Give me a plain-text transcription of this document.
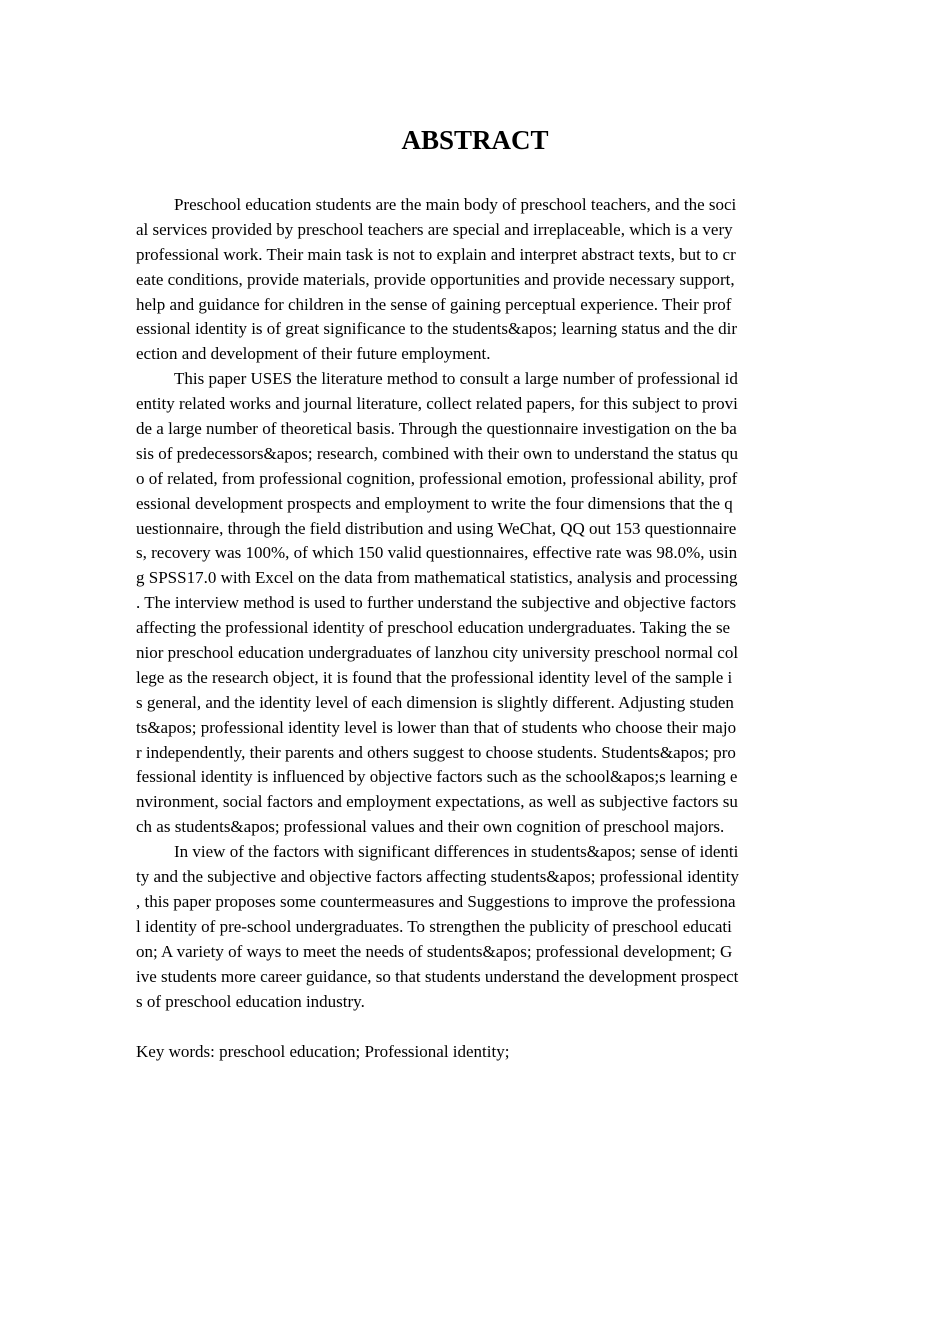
ABSTRACT
Preschool education students are the main body of preschool teachers, and the soci
al services provided by preschool teachers are special and irreplaceable, which is a very
professional work. Their main task is not to explain and interpret abstract texts, but to cr
eate conditions, provide materials, provide opportunities and provide necessary support,
help and guidance for children in the sense of gaining perceptual experience. Their prof
essional identity is of great significance to the students&apos; learning status and the dir
ection and development of their future employment.
This paper USES the literature method to consult a large number of professional id
entity related works and journal literature, collect related papers, for this subject to provi
de a large number of theoretical basis. Through the questionnaire investigation on the ba
sis of predecessors&apos; research, combined with their own to understand the status qu
o of related, from professional cognition, professional emotion, professional ability, prof
essional development prospects and employment to write the four dimensions that the q
uestionnaire, through the field distribution and using WeChat, QQ out 153 questionnaire
s, recovery was 100%, of which 150 valid questionnaires, effective rate was 98.0%, usin
g SPSS17.0 with Excel on the data from mathematical statistics, analysis and processing
. The interview method is used to further understand the subjective and objective factors
affecting the professional identity of preschool education undergraduates. Taking the se
nior preschool education undergraduates of lanzhou city university preschool normal col
lege as the research object, it is found that the professional identity level of the sample i
s general, and the identity level of each dimension is slightly different. Adjusting studen
ts&apos; professional identity level is lower than that of students who choose their majo
r independently, their parents and others suggest to choose students. Students&apos; pro
fessional identity is influenced by objective factors such as the school&apos;s learning e
nvironment, social factors and employment expectations, as well as subjective factors su
ch as students&apos; professional values and their own cognition of preschool majors.
In view of the factors with significant differences in students&apos; sense of identi
ty and the subjective and objective factors affecting students&apos; professional identity
, this paper proposes some countermeasures and Suggestions to improve the professiona
l identity of pre-school undergraduates. To strengthen the publicity of preschool educati
on; A variety of ways to meet the needs of students&apos; professional development; G
ive students more career guidance, so that students understand the development prospect
s of preschool education industry.
Key words: preschool education; Professional identity;
